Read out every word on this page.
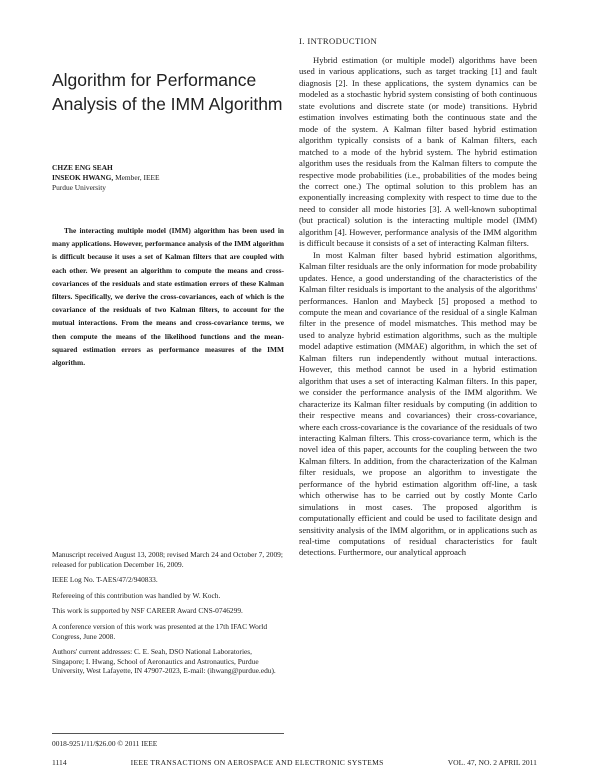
Algorithm for Performance Analysis of the IMM Algorithm
CHZE ENG SEAH
INSEOK HWANG, Member, IEEE
Purdue University

The interacting multiple model (IMM) algorithm has been used in many applications. However, performance analysis of the IMM algorithm is difficult because it uses a set of Kalman filters that are coupled with each other. We present an algorithm to compute the means and cross-covariances of the residuals and state estimation errors of these Kalman filters. Specifically, we derive the cross-covariances, each of which is the covariance of the residuals of two Kalman filters, to account for the mutual interactions. From the means and cross-covariance terms, we then compute the means of the likelihood functions and the mean-squared estimation errors as performance measures of the IMM algorithm.

Manuscript received August 13, 2008; revised March 24 and October 7, 2009; released for publication December 16, 2009.

IEEE Log No. T-AES/47/2/940833.

Refereeing of this contribution was handled by W. Koch.

This work is supported by NSF CAREER Award CNS-0746299.

A conference version of this work was presented at the 17th IFAC World Congress, June 2008.

Authors' current addresses: C. E. Seah, DSO National Laboratories, Singapore; I. Hwang, School of Aeronautics and Astronautics, Purdue University, West Lafayette, IN 47907-2023, E-mail: (ihwang@purdue.edu).

0018-9251/11/$26.00 © 2011 IEEE

I. INTRODUCTION

Hybrid estimation (or multiple model) algorithms have been used in various applications, such as target tracking [1] and fault diagnosis [2]. In these applications, the system dynamics can be modeled as a stochastic hybrid system consisting of both continuous state evolutions and discrete state (or mode) transitions. Hybrid estimation involves estimating both the continuous state and the mode of the system. A Kalman filter based hybrid estimation algorithm typically consists of a bank of Kalman filters, each matched to a mode of the hybrid system. The hybrid estimation algorithm uses the residuals from the Kalman filters to compute the respective mode probabilities (i.e., probabilities of the modes being the correct one.) The optimal solution to this problem has an exponentially increasing complexity with respect to time due to the need to consider all mode histories [3]. A well-known suboptimal (but practical) solution is the interacting multiple model (IMM) algorithm [4]. However, performance analysis of the IMM algorithm is difficult because it consists of a set of interacting Kalman filters.

In most Kalman filter based hybrid estimation algorithms, Kalman filter residuals are the only information for mode probability updates. Hence, a good understanding of the characteristics of the Kalman filter residuals is important to the analysis of the algorithms' performances. Hanlon and Maybeck [5] proposed a method to compute the mean and covariance of the residual of a single Kalman filter in the presence of model mismatches. This method may be used to analyze hybrid estimation algorithms, such as the multiple model adaptive estimation (MMAE) algorithm, in which the set of Kalman filters run independently without mutual interactions. However, this method cannot be used in a hybrid estimation algorithm that uses a set of interacting Kalman filters. In this paper, we consider the performance analysis of the IMM algorithm. We characterize its Kalman filter residuals by computing (in addition to their respective means and covariances) their cross-covariance, where each cross-covariance is the covariance of the residuals of two interacting Kalman filters. This cross-covariance term, which is the novel idea of this paper, accounts for the coupling between the two Kalman filters. In addition, from the characterization of the Kalman filter residuals, we propose an algorithm to investigate the performance of the hybrid estimation algorithm off-line, a task which otherwise has to be carried out by costly Monte Carlo simulations in most cases. The proposed algorithm is computationally efficient and could be used to facilitate design and sensitivity analysis of the IMM algorithm, or in applications such as real-time computations of residual characteristics for fault detections. Furthermore, our analytical approach

1114	IEEE TRANSACTIONS ON AEROSPACE AND ELECTRONIC SYSTEMS	VOL. 47, NO. 2 APRIL 2011
